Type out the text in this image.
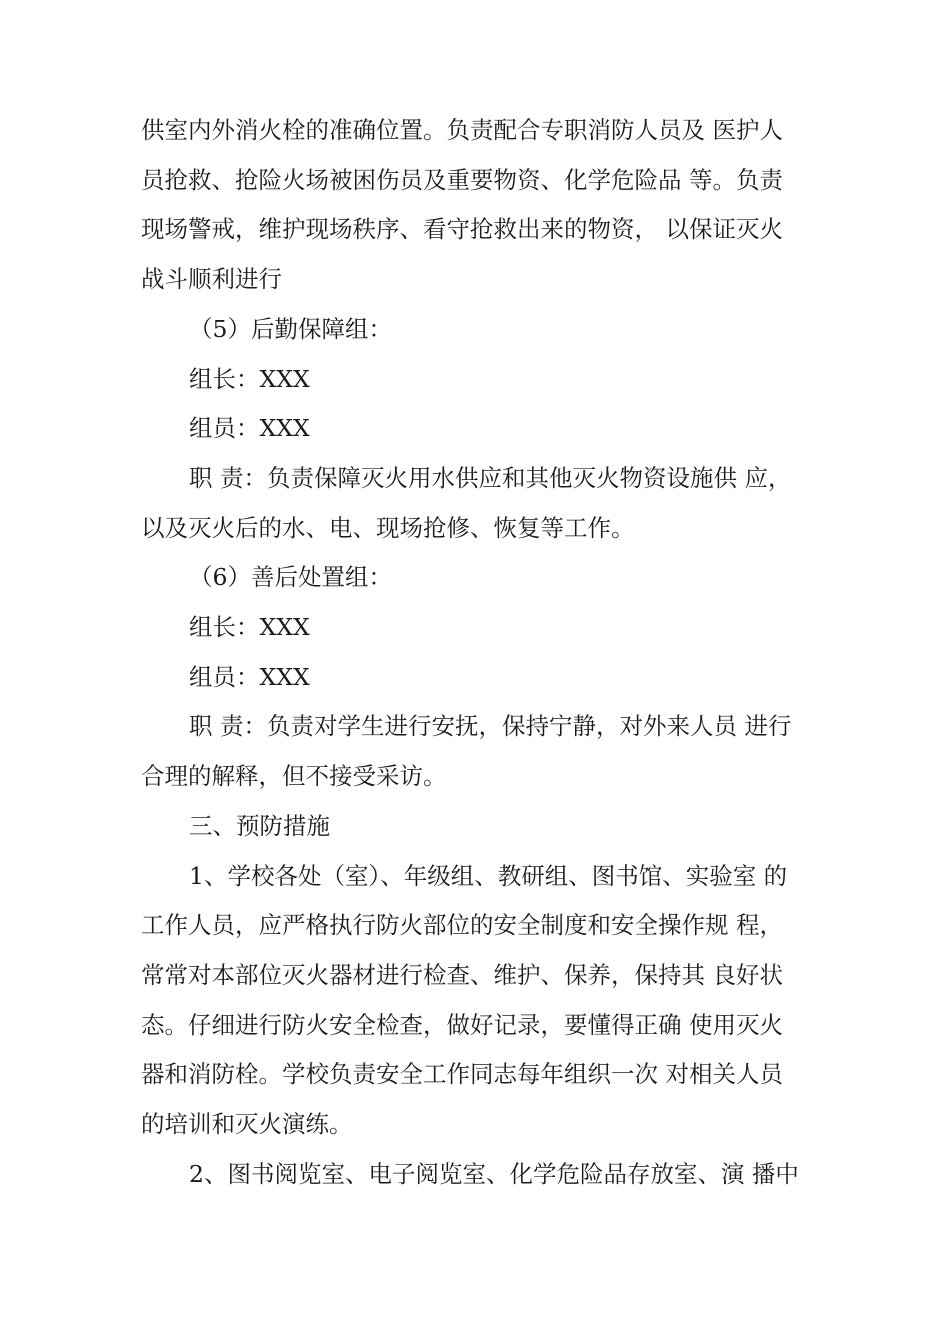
供室内外消火栓的准确位置。负责配合专职消防人员及 医护人

员抢救、抢险火场被困伤员及重要物资、化学危险品 等。负责

现场警戒，维护现场秩序、看守抢救出来的物资， 以保证灭火

战斗顺利进行

（5）后勤保障组：

组长：XXX

组员：XXX

职 责：负责保障灭火用水供应和其他灭火物资设施供 应，

以及灭火后的水、电、现场抢修、恢复等工作。

（6）善后处置组：

组长：XXX

组员：XXX

职 责：负责对学生进行安抚，保持宁静，对外来人员 进行

合理的解释，但不接受采访。

三、预防措施

1、学校各处（室）、年级组、教研组、图书馆、实验室 的

工作人员，应严格执行防火部位的安全制度和安全操作规 程，

常常对本部位灭火器材进行检查、维护、保养，保持其 良好状

态。仔细进行防火安全检查，做好记录，要懂得正确 使用灭火

器和消防栓。学校负责安全工作同志每年组织一次 对相关人员

的培训和灭火演练。

2、图书阅览室、电子阅览室、化学危险品存放室、演 播中
